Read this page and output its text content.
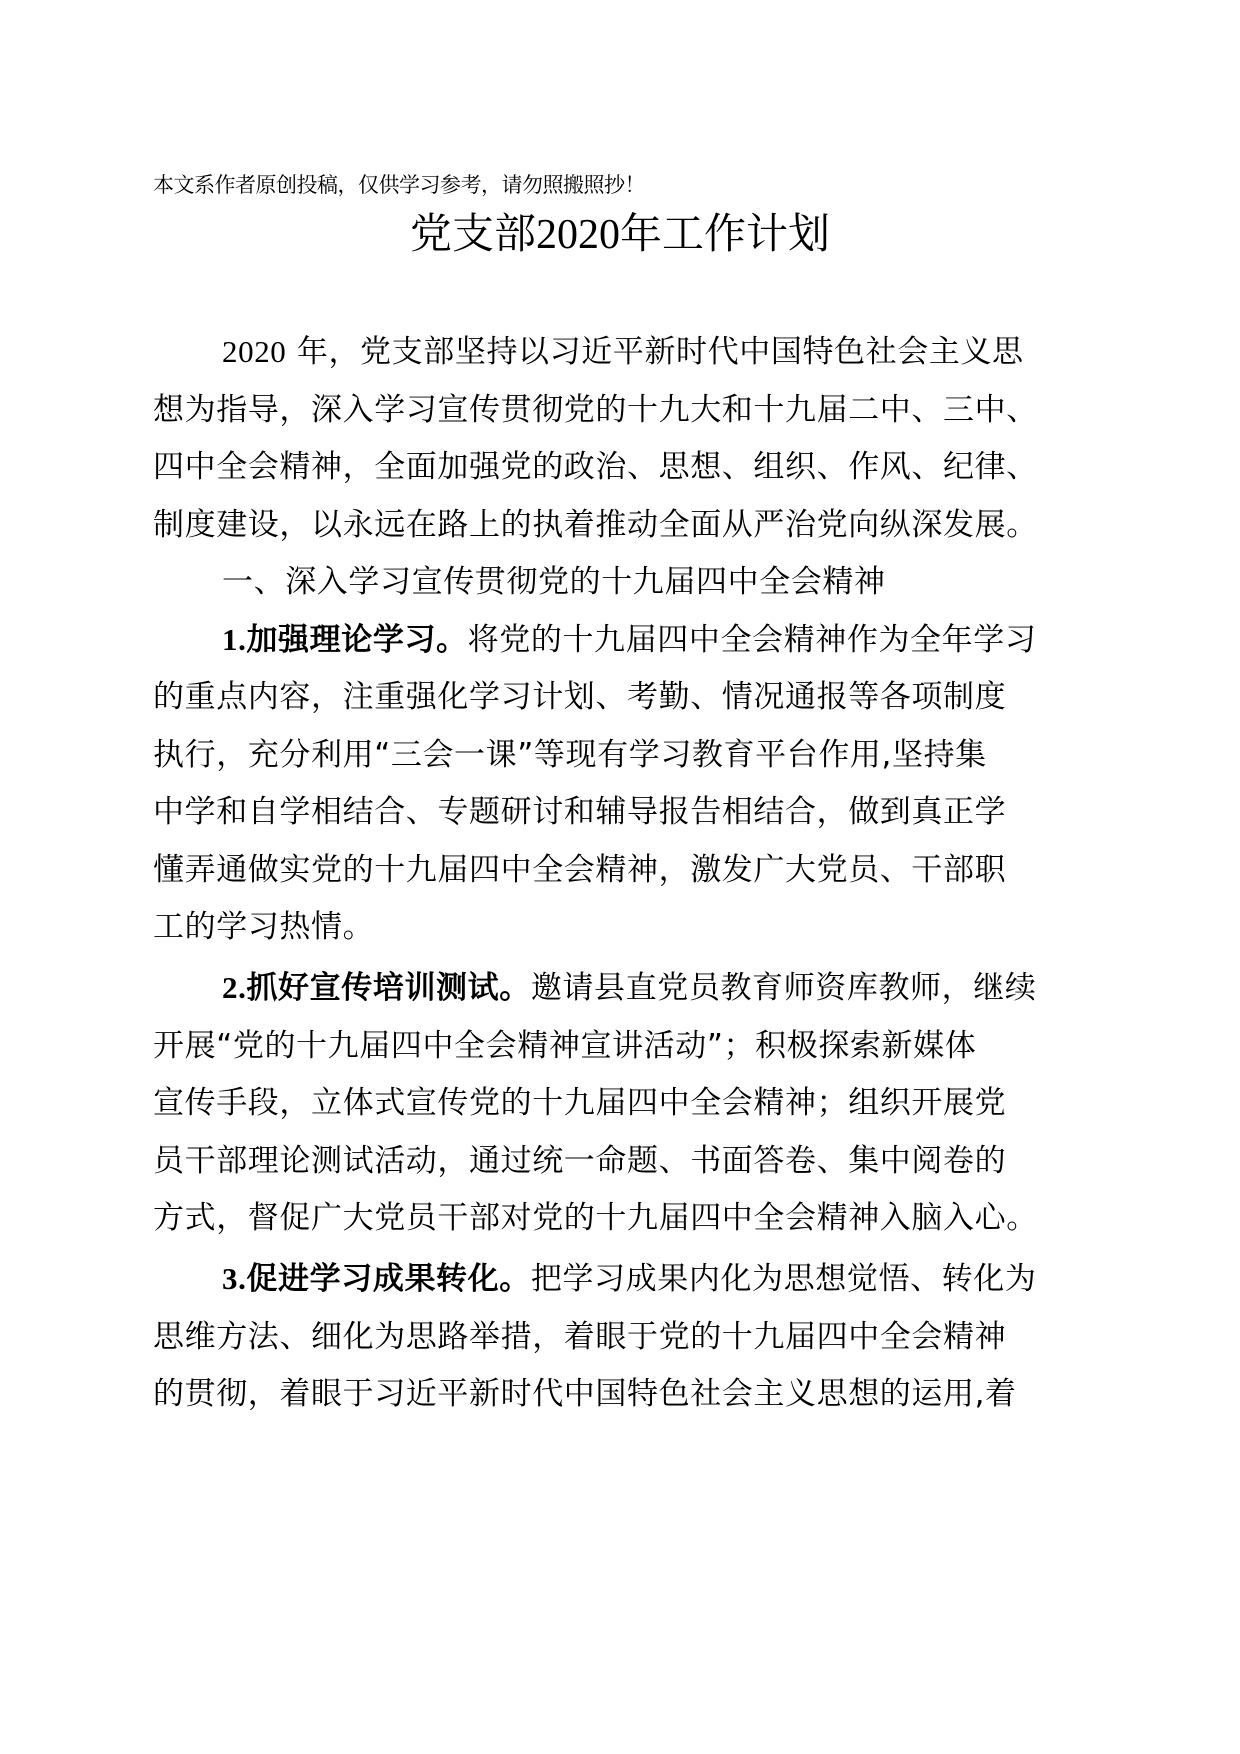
本文系作者原创投稿，仅供学习参考，请勿照搬照抄！
党支部2020年工作计划
2020 年，党支部坚持以习近平新时代中国特色社会主义思
想为指导，深入学习宣传贯彻党的十九大和十九届二中、三中、
四中全会精神，全面加强党的政治、思想、组织、作风、纪律、
制度建设，以永远在路上的执着推动全面从严治党向纵深发展。
一、深入学习宣传贯彻党的十九届四中全会精神
1.加强理论学习。将党的十九届四中全会精神作为全年学习
的重点内容，注重强化学习计划、考勤、情况通报等各项制度
执行，充分利用“三会一课”等现有学习教育平台作用,坚持集
中学和自学相结合、专题研讨和辅导报告相结合，做到真正学
懂弄通做实党的十九届四中全会精神，激发广大党员、干部职
工的学习热情。
2.抓好宣传培训测试。邀请县直党员教育师资库教师，继续
开展“党的十九届四中全会精神宣讲活动”；积极探索新媒体
宣传手段，立体式宣传党的十九届四中全会精神；组织开展党
员干部理论测试活动，通过统一命题、书面答卷、集中阅卷的
方式，督促广大党员干部对党的十九届四中全会精神入脑入心。
3.促进学习成果转化。把学习成果内化为思想觉悟、转化为
思维方法、细化为思路举措，着眼于党的十九届四中全会精神
的贯彻，着眼于习近平新时代中国特色社会主义思想的运用,着
